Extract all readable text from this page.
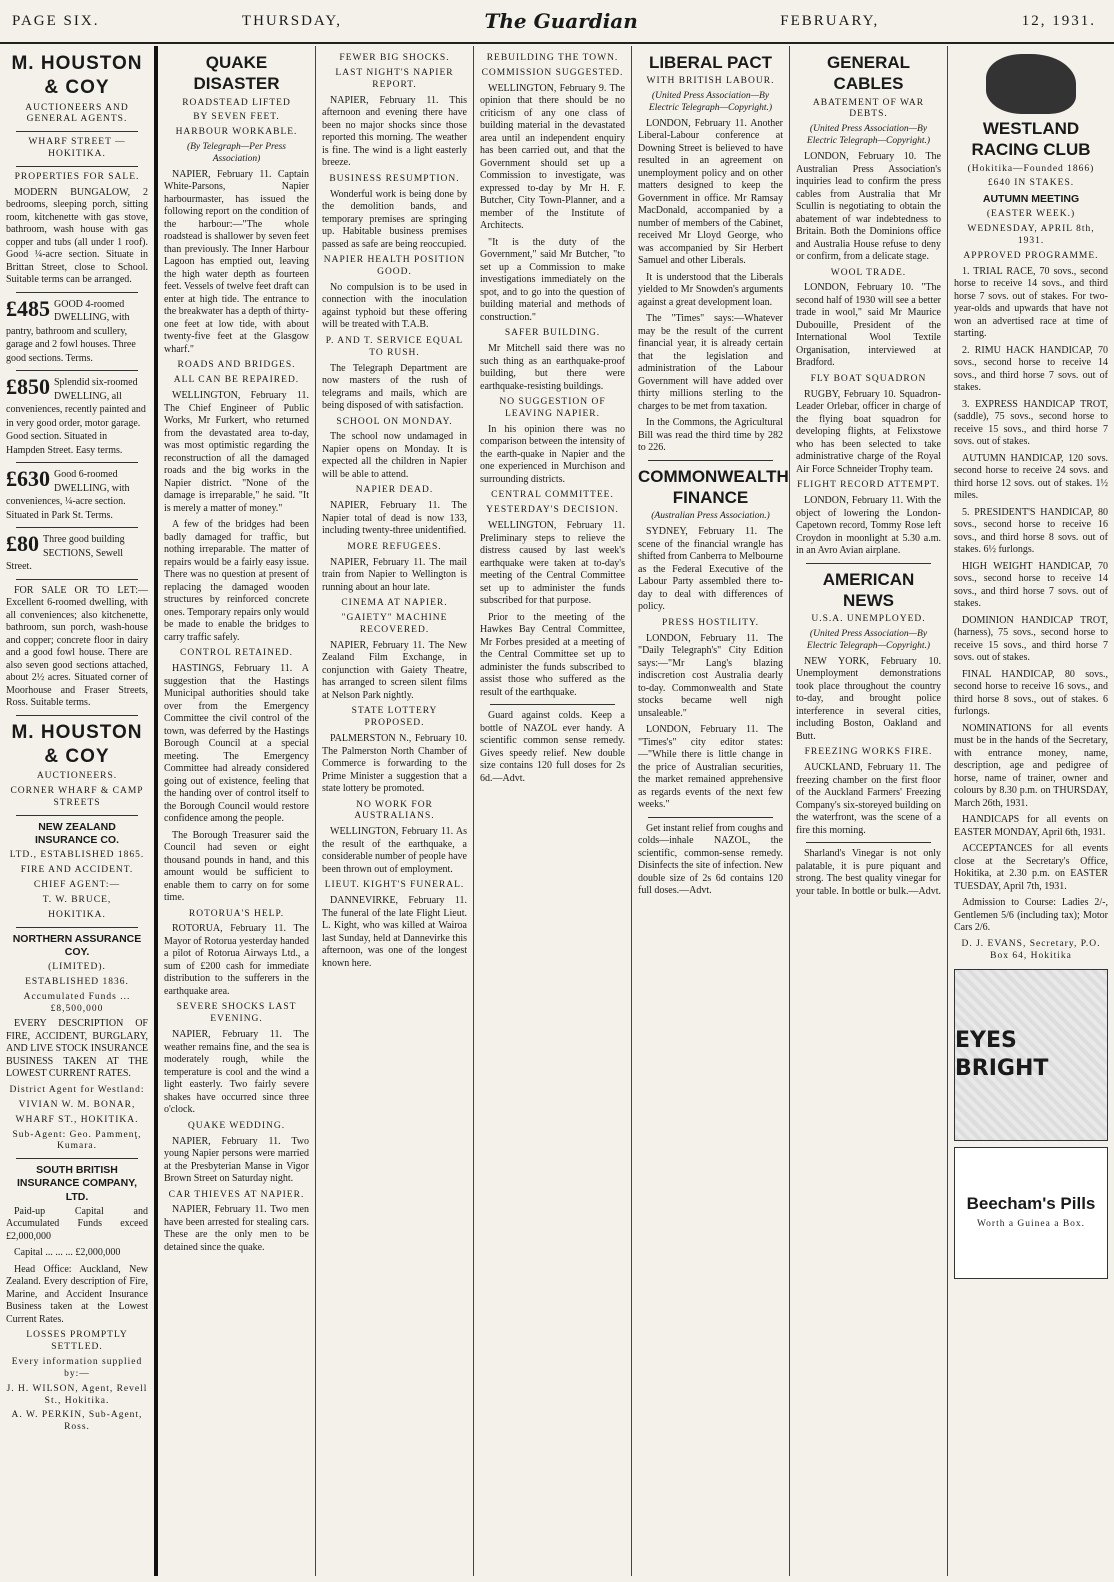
PAGE SIX.	THURSDAY,	The Guardian	FEBRUARY,	12, 1931.
M. HOUSTON & COY
AUCTIONEERS AND GENERAL AGENTS.
WHARF STREET — HOKITIKA.
PROPERTIES FOR SALE.
MODERN BUNGALOW, 2 bedrooms, sleeping porch, sitting room, kitchenette with gas stove, bathroom, wash house with gas copper and tubs (all under 1 roof). Good ¼-acre section. Situate in Brittan Street, close to School. Suitable terms can be arranged.
£485 GOOD 4-roomed DWELLING, with pantry, bathroom and scullery, garage and 2 fowl houses. Three good sections. Terms.
£850 Splendid six-roomed DWELLING, all conveniences, recently painted and in very good order, motor garage. Good section. Situated in Hampden Street. Easy terms.
£630 Good 6-roomed DWELLING, with conveniences, ¼-acre section. Situated in Park St. Terms.
£80 Three good building SECTIONS, Sewell Street.
FOR SALE OR TO LET:—Excellent 6-roomed dwelling, with all conveniences; also kitchenette, bathroom, sun porch, wash-house and copper; concrete floor in dairy and a good fowl house. There are also seven good sections attached, about 2½ acres. Situated corner of Moorhouse and Fraser Streets, Ross. Suitable terms.
M. HOUSTON & COY
AUCTIONEERS.
CORNER WHARF & CAMP STREETS
NEW ZEALAND INSURANCE CO.
LTD., ESTABLISHED 1865.
FIRE AND ACCIDENT.
CHIEF AGENT:—
T. W. BRUCE,
HOKITIKA.
NORTHERN ASSURANCE COY.
(LIMITED).
ESTABLISHED 1836.
Accumulated Funds ... £8,500,000
EVERY DESCRIPTION OF FIRE, ACCIDENT, BURGLARY, AND LIVE STOCK INSURANCE BUSINESS TAKEN AT THE LOWEST CURRENT RATES.
District Agent for Westland:
VIVIAN W. M. BONAR,
WHARF ST., HOKITIKA.
Sub-Agent: Geo. Pammenţ, Kumara.
SOUTH BRITISH INSURANCE COMPANY, LTD.
Paid-up Capital and Accumulated Funds exceed £2,000,000
Capital ... ... ... £2,000,000
Head Office: Auckland, New Zealand. Every description of Fire, Marine, and Accident Insurance Business taken at the Lowest Current Rates.
LOSSES PROMPTLY SETTLED.
Every information supplied by:—
J. H. WILSON, Agent, Revell St., Hokitika.
A. W. PERKIN, Sub-Agent, Ross.
QUAKE DISASTER
ROADSTEAD LIFTED
BY SEVEN FEET.
HARBOUR WORKABLE.
(By Telegraph—Per Press Association)
NAPIER, February 11. Captain White-Parsons, Napier harbourmaster, has issued the following report on the condition of the harbour:—"The whole roadstead is shallower by seven feet than previously. The Inner Harbour Lagoon has emptied out, leaving the high water depth as fourteen feet. Vessels of twelve feet draft can enter at high tide. The entrance to the breakwater has a depth of thirty-one feet at low tide, with about twenty-five feet at the Glasgow wharf."
ROADS AND BRIDGES.
ALL CAN BE REPAIRED.
WELLINGTON, February 11. The Chief Engineer of Public Works, Mr Furkert, who returned from the devastated area to-day, was most optimistic regarding the reconstruction of all the damaged roads and the big works in the Napier district. "None of the damage is irreparable," he said. "It is merely a matter of money."
A few of the bridges had been badly damaged for traffic, but nothing irreparable. The matter of repairs would be a fairly easy issue. There was no question at present of replacing the damaged wooden structures by reinforced concrete ones. Temporary repairs only would be made to enable the bridges to carry traffic safely.
CONTROL RETAINED.
HASTINGS, February 11. A suggestion that the Hastings Municipal authorities should take over from the Emergency Committee the civil control of the town, was deferred by the Hastings Borough Council at a special meeting. The Emergency Committee had already considered going out of existence, feeling that the handing over of control itself to the Borough Council would restore confidence among the people.
The Borough Treasurer said the Council had seven or eight thousand pounds in hand, and this amount would be sufficient to enable them to carry on for some time.
ROTORUA'S HELP.
ROTORUA, February 11. The Mayor of Rotorua yesterday handed a pilot of Rotorua Airways Ltd., a sum of £200 cash for immediate distribution to the sufferers in the earthquake area.
SEVERE SHOCKS LAST EVENING.
NAPIER, February 11. The weather remains fine, and the sea is moderately rough, while the temperature is cool and the wind a light easterly. Two fairly severe shakes have occurred since three o'clock.
QUAKE WEDDING.
NAPIER, February 11. Two young Napier persons were married at the Presbyterian Manse in Vigor Brown Street on Saturday night.
CAR THIEVES AT NAPIER.
NAPIER, February 11. Two men have been arrested for stealing cars. These are the only men to be detained since the quake.
FEWER BIG SHOCKS.
LAST NIGHT'S NAPIER REPORT.
NAPIER, February 11. This afternoon and evening there have been no major shocks since those reported this morning. The weather is fine. The wind is a light easterly breeze.
BUSINESS RESUMPTION.
Wonderful work is being done by the demolition bands, and temporary premises are springing up. Habitable business premises passed as safe are being reoccupied.
NAPIER HEALTH POSITION GOOD.
No compulsion is to be used in connection with the inoculation against typhoid but these offering will be treated with T.A.B.
P. AND T. SERVICE EQUAL TO RUSH.
The Telegraph Department are now masters of the rush of telegrams and mails, which are being disposed of with satisfaction.
SCHOOL ON MONDAY.
The school now undamaged in Napier opens on Monday. It is expected all the children in Napier will be able to attend.
NAPIER DEAD.
NAPIER, February 11. The Napier total of dead is now 133, including twenty-three unidentified.
MORE REFUGEES.
NAPIER, February 11. The mail train from Napier to Wellington is running about an hour late.
CINEMA AT NAPIER.
"GAIETY" MACHINE RECOVERED.
NAPIER, February 11. The New Zealand Film Exchange, in conjunction with Gaiety Theatre, has arranged to screen silent films at Nelson Park nightly.
STATE LOTTERY PROPOSED.
PALMERSTON N., February 10. The Palmerston North Chamber of Commerce is forwarding to the Prime Minister a suggestion that a state lottery be promoted.
NO WORK FOR AUSTRALIANS.
WELLINGTON, February 11. As the result of the earthquake, a considerable number of people have been thrown out of employment.
LIEUT. KIGHT'S FUNERAL.
DANNEVIRKE, February 11. The funeral of the late Flight Lieut. L. Kight, who was killed at Wairoa last Sunday, held at Dannevirke this afternoon, was one of the longest known here.
REBUILDING THE TOWN.
COMMISSION SUGGESTED.
WELLINGTON, February 9. The opinion that there should be no criticism of any one class of building material in the devastated area until an independent enquiry has been carried out, and that the Government should set up a Commission to investigate, was expressed to-day by Mr H. F. Butcher, City Town-Planner, and a member of the Institute of Architects.
"It is the duty of the Government," said Mr Butcher, "to set up a Commission to make investigations immediately on the spot, and to go into the question of building material and methods of construction."
SAFER BUILDING.
Mr Mitchell said there was no such thing as an earthquake-proof building, but there were earthquake-resisting buildings.
NO SUGGESTION OF LEAVING NAPIER.
In his opinion there was no comparison between the intensity of the earth-quake in Napier and the one experienced in Murchison and surrounding districts.
CENTRAL COMMITTEE.
YESTERDAY'S DECISION.
WELLINGTON, February 11. Preliminary steps to relieve the distress caused by last week's earthquake were taken at to-day's meeting of the Central Committee set up to administer the funds subscribed for that purpose.
Prior to the meeting of the Hawkes Bay Central Committee, Mr Forbes presided at a meeting of the Central Committee set up to administer the funds subscribed to assist those who suffered as the result of the earthquake.
Guard against colds. Keep a bottle of NAZOL ever handy. A scientific common sense remedy. Gives speedy relief. New double size contains 120 full doses for 2s 6d.—Advt.
LIBERAL PACT
WITH BRITISH LABOUR.
(United Press Association—By Electric Telegraph—Copyright.)
LONDON, February 11. Another Liberal-Labour conference at Downing Street is believed to have resulted in an agreement on unemployment policy and on other matters designed to keep the Government in office. Mr Ramsay MacDonald, accompanied by a number of members of the Cabinet, received Mr Lloyd George, who was accompanied by Sir Herbert Samuel and other Liberals.
It is understood that the Liberals yielded to Mr Snowden's arguments against a great development loan.
The "Times" says:—Whatever may be the result of the current financial year, it is already certain that the legislation and administration of the Labour Government will have added over thirty millions sterling to the charges to be met from taxation.
In the Commons, the Agricultural Bill was read the third time by 282 to 226.
COMMONWEALTH FINANCE
(Australian Press Association.)
SYDNEY, February 11. The scene of the financial wrangle has shifted from Canberra to Melbourne as the Federal Executive of the Labour Party assembled there to-day to deal with differences of policy.
PRESS HOSTILITY.
LONDON, February 11. The "Daily Telegraph's" City Edition says:—"Mr Lang's blazing indiscretion cost Australia dearly to-day. Commonwealth and State stocks became well nigh unsaleable."
LONDON, February 11. The "Times's" city editor states:—"While there is little change in the price of Australian securities, the market remained apprehensive as regards events of the next few weeks."
Get instant relief from coughs and colds—inhale NAZOL, the scientific, common-sense remedy. Disinfects the site of infection. New double size of 2s 6d contains 120 full doses.—Advt.
GENERAL CABLES
ABATEMENT OF WAR DEBTS.
(United Press Association—By Electric Telegraph—Copyright.)
LONDON, February 10. The Australian Press Association's inquiries lead to confirm the press cables from Australia that Mr Scullin is negotiating to obtain the abatement of war indebtedness to Britain. Both the Dominions office and Australia House refuse to deny or confirm, from a delicate stage.
WOOL TRADE.
LONDON, February 10. "The second half of 1930 will see a better trade in wool," said Mr Maurice Dubouille, President of the International Wool Textile Organisation, interviewed at Bradford.
FLY BOAT SQUADRON
RUGBY, February 10. Squadron-Leader Orlebar, officer in charge of the flying boat squadron for developing flights, at Felixstowe who has been selected to take administrative charge of the Royal Air Force Schneider Trophy team.
FLIGHT RECORD ATTEMPT.
LONDON, February 11. With the object of lowering the London-Capetown record, Tommy Rose left Croydon in moonlight at 5.30 a.m. in an Avro Avian airplane.
AMERICAN NEWS
U.S.A. UNEMPLOYED.
(United Press Association—By Electric Telegraph—Copyright.)
NEW YORK, February 10. Unemployment demonstrations took place throughout the country to-day, and brought police interference in several cities, including Boston, Oakland and Butt.
FREEZING WORKS FIRE.
AUCKLAND, February 11. The freezing chamber on the first floor of the Auckland Farmers' Freezing Company's six-storeyed building on the waterfront, was the scene of a fire this morning.
Sharland's Vinegar is not only palatable, it is pure piquant and strong. The best quality vinegar for your table. In bottle or bulk.—Advt.
WESTLAND RACING CLUB
(Hokitika—Founded 1866)
£640 IN STAKES.
AUTUMN MEETING
(EASTER WEEK.)
WEDNESDAY, APRIL 8th, 1931.
APPROVED PROGRAMME.
1. TRIAL RACE, 70 sovs., second horse to receive 14 sovs., and third horse 7 sovs. out of stakes. For two-year-olds and upwards that have not won an advertised race at time of starting.
2. RIMU HACK HANDICAP, 70 sovs., second horse to receive 14 sovs., and third horse 7 sovs. out of stakes.
3. EXPRESS HANDICAP TROT, (saddle), 75 sovs., second horse to receive 15 sovs., and third horse 7 sovs. out of stakes.
AUTUMN HANDICAP, 120 sovs. second horse to receive 24 sovs. and third horse 12 sovs. out of stakes. 1½ miles.
5. PRESIDENT'S HANDICAP, 80 sovs., second horse to receive 16 sovs., and third horse 8 sovs. out of stakes. 6½ furlongs.
HIGH WEIGHT HANDICAP, 70 sovs., second horse to receive 14 sovs., and third horse 7 sovs. out of stakes.
DOMINION HANDICAP TROT, (harness), 75 sovs., second horse to receive 15 sovs., and third horse 7 sovs. out of stakes.
FINAL HANDICAP, 80 sovs., second horse to receive 16 sovs., and third horse 8 sovs., out of stakes. 6 furlongs.
NOMINATIONS for all events must be in the hands of the Secretary, with entrance money, name, description, age and pedigree of horse, name of trainer, owner and colours by 8.30 p.m. on THURSDAY, March 26th, 1931.
HANDICAPS for all events on EASTER MONDAY, April 6th, 1931.
ACCEPTANCES for all events close at the Secretary's Office, Hokitika, at 2.30 p.m. on EASTER TUESDAY, April 7th, 1931.
Admission to Course: Ladies 2/-, Gentlemen 5/6 (including tax); Motor Cars 2/6.
D. J. EVANS, Secretary, P.O. Box 64, Hokitika
EYES BRIGHT
Beecham's Pills
Worth a Guinea a Box.
